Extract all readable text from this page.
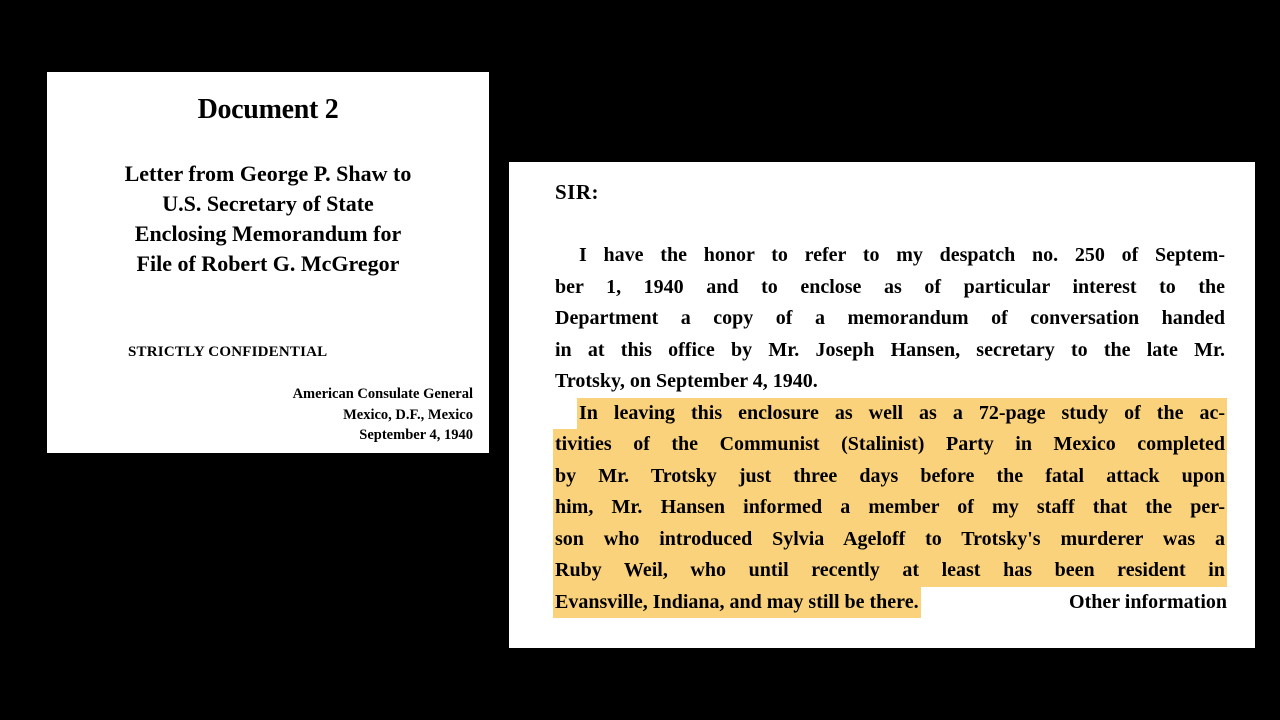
Document 2
Letter from George P. Shaw to
U.S. Secretary of State
Enclosing Memorandum for
File of Robert G. McGregor
STRICTLY CONFIDENTIAL
American Consulate General
Mexico, D.F., Mexico
September 4, 1940
SIR:
I have the honor to refer to my despatch no. 250 of Septem-
ber 1, 1940 and to enclose as of particular interest to the
Department a copy of a memorandum of conversation handed
in at this office by Mr. Joseph Hansen, secretary to the late Mr.
Trotsky, on September 4, 1940.
In leaving this enclosure as well as a 72-page study of the ac-
tivities of the Communist (Stalinist) Party in Mexico completed
by Mr. Trotsky just three days before the fatal attack upon
him, Mr. Hansen informed a member of my staff that the per-
son who introduced Sylvia Ageloff to Trotsky's murderer was a
Ruby Weil, who until recently at least has been resident in
Evansville, Indiana, and may still be there.	Other information
